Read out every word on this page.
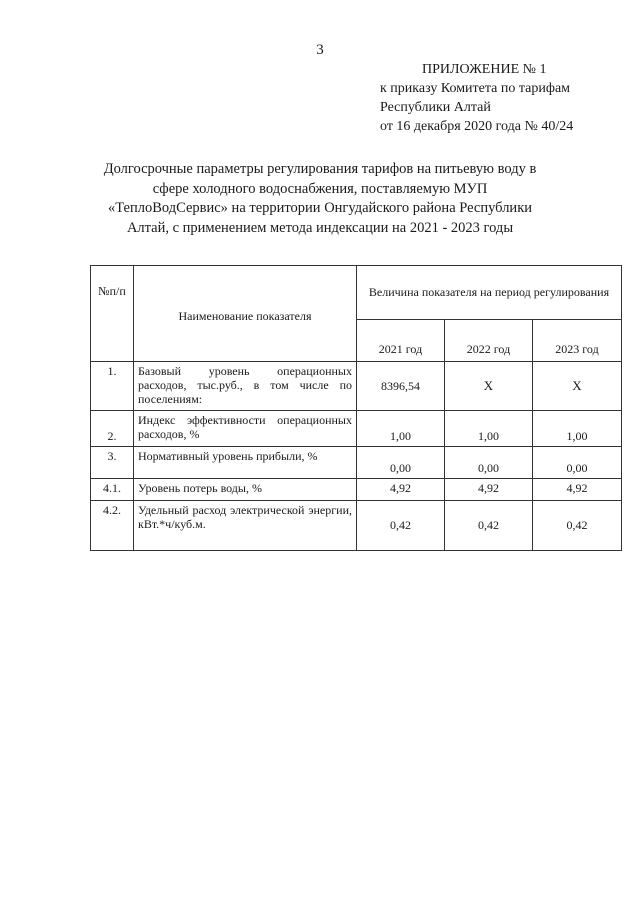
3
ПРИЛОЖЕНИЕ № 1
к приказу Комитета по тарифам
Республики Алтай
от 16 декабря 2020 года № 40/24
Долгосрочные параметры регулирования тарифов на питьевую воду в сфере холодного водоснабжения, поставляемую МУП «ТеплоВодСервис» на территории Онгудайского района Республики Алтай, с применением метода индексации на 2021 - 2023 годы
№п/п	Наименование показателя	Величина показателя на период регулирования		
		2021 год	2022 год	2023 год
1.	Базовый уровень операционных расходов, тыс.руб., в том числе по поселениям:	8396,54	Х	Х
2.	Индекс эффективности операционных расходов, %	1,00	1,00	1,00
3.	Нормативный уровень прибыли, %	0,00	0,00	0,00
4.1.	Уровень потерь воды, %	4,92	4,92	4,92
4.2.	Удельный расход электрической энергии, кВт.*ч/куб.м.	0,42	0,42	0,42
